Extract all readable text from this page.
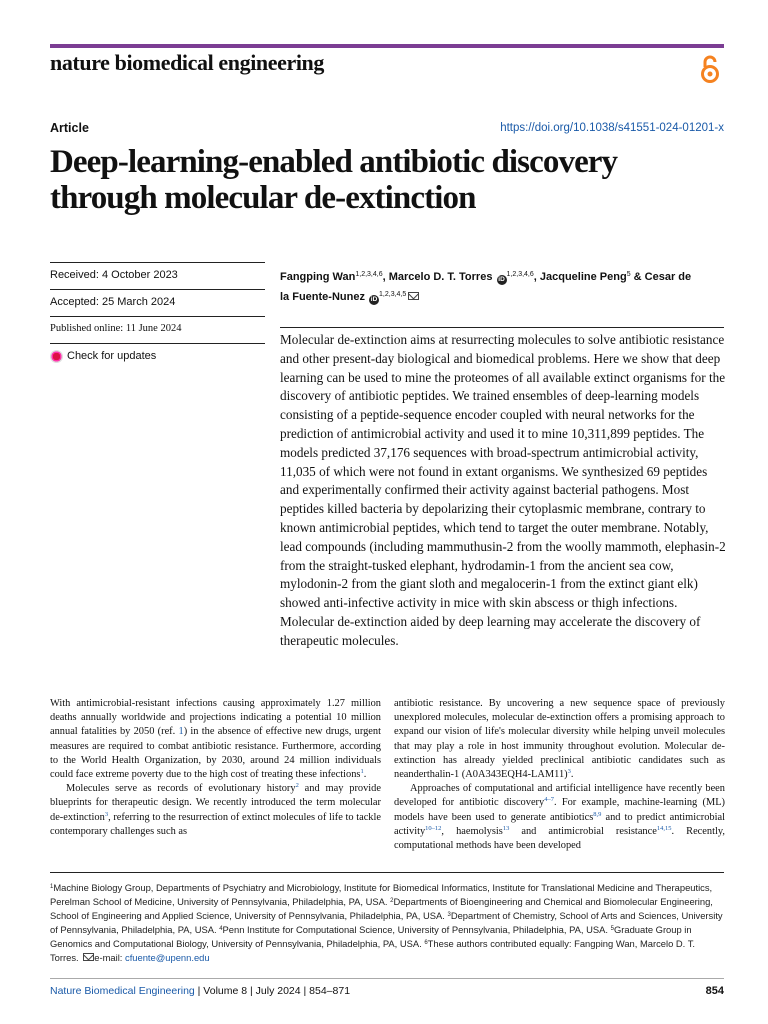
nature biomedical engineering
Article	https://doi.org/10.1038/s41551-024-01201-x
Deep-learning-enabled antibiotic discovery through molecular de-extinction
Received: 4 October 2023
Accepted: 25 March 2024
Published online: 11 June 2024
Check for updates
Fangping Wan$^{1,2,3,4,6}$, Marcelo D. T. Torres iD$^{1,2,3,4,6}$, Jacqueline Peng$^5$ & Cesar de la Fuente-Nunez iD$^{1,2,3,4,5}$

Molecular de-extinction aims at resurrecting molecules to solve antibiotic resistance and other present-day biological and biomedical problems. Here we show that deep learning can be used to mine the proteomes of all available extinct organisms for the discovery of antibiotic peptides. We trained ensembles of deep-learning models consisting of a peptide-sequence encoder coupled with neural networks for the prediction of antimicrobial activity and used it to mine 10,311,899 peptides. The models predicted 37,176 sequences with broad-spectrum antimicrobial activity, 11,035 of which were not found in extant organisms. We synthesized 69 peptides and experimentally confirmed their activity against bacterial pathogens. Most peptides killed bacteria by depolarizing their cytoplasmic membrane, contrary to known antimicrobial peptides, which tend to target the outer membrane. Notably, lead compounds (including mammuthusin-2 from the woolly mammoth, elephasin-2 from the straight-tusked elephant, hydrodamin-1 from the ancient sea cow, mylodonin-2 from the giant sloth and megalocerin-1 from the extinct giant elk) showed anti-infective activity in mice with skin abscess or thigh infections. Molecular de-extinction aided by deep learning may accelerate the discovery of therapeutic molecules.

With antimicrobial-resistant infections causing approximately 1.27 million deaths annually worldwide and projections indicating a potential 10 million annual fatalities by 2050 (ref. 1) in the absence of effective new drugs, urgent measures are required to combat antibiotic resistance. Furthermore, according to the World Health Organization, by 2030, around 24 million individuals could face extreme poverty due to the high cost of treating these infections$^1$.

Molecules serve as records of evolutionary history$^2$ and may provide blueprints for therapeutic design. We recently introduced the term molecular de-extinction$^3$, referring to the resurrection of extinct molecules of life to tackle contemporary challenges such as

antibiotic resistance. By uncovering a new sequence space of previously unexplored molecules, molecular de-extinction offers a promising approach to expand our vision of life's molecular diversity while helping unveil molecules that may play a role in host immunity throughout evolution. Molecular de-extinction has already yielded preclinical antibiotic candidates such as neanderthalin-1 (A0A343EQH4-LAM11)$^3$.

Approaches of computational and artificial intelligence have recently been developed for antibiotic discovery$^{4-7}$. For example, machine-learning (ML) models have been used to generate antibiotics$^{8,9}$ and to predict antimicrobial activity$^{10-12}$, haemolysis$^{13}$ and antimicrobial resistance$^{14,15}$. Recently, computational methods have been developed

$^1$Machine Biology Group, Departments of Psychiatry and Microbiology, Institute for Biomedical Informatics, Institute for Translational Medicine and Therapeutics, Perelman School of Medicine, University of Pennsylvania, Philadelphia, PA, USA. $^2$Departments of Bioengineering and Chemical and Biomolecular Engineering, School of Engineering and Applied Science, University of Pennsylvania, Philadelphia, PA, USA. $^3$Department of Chemistry, School of Arts and Sciences, University of Pennsylvania, Philadelphia, PA, USA. $^4$Penn Institute for Computational Science, University of Pennsylvania, Philadelphia, PA, USA. $^5$Graduate Group in Genomics and Computational Biology, University of Pennsylvania, Philadelphia, PA, USA. $^6$These authors contributed equally: Fangping Wan, Marcelo D. T. Torres. e-mail: cfuente@upenn.edu
Nature Biomedical Engineering | Volume 8 | July 2024 | 854–871	854
